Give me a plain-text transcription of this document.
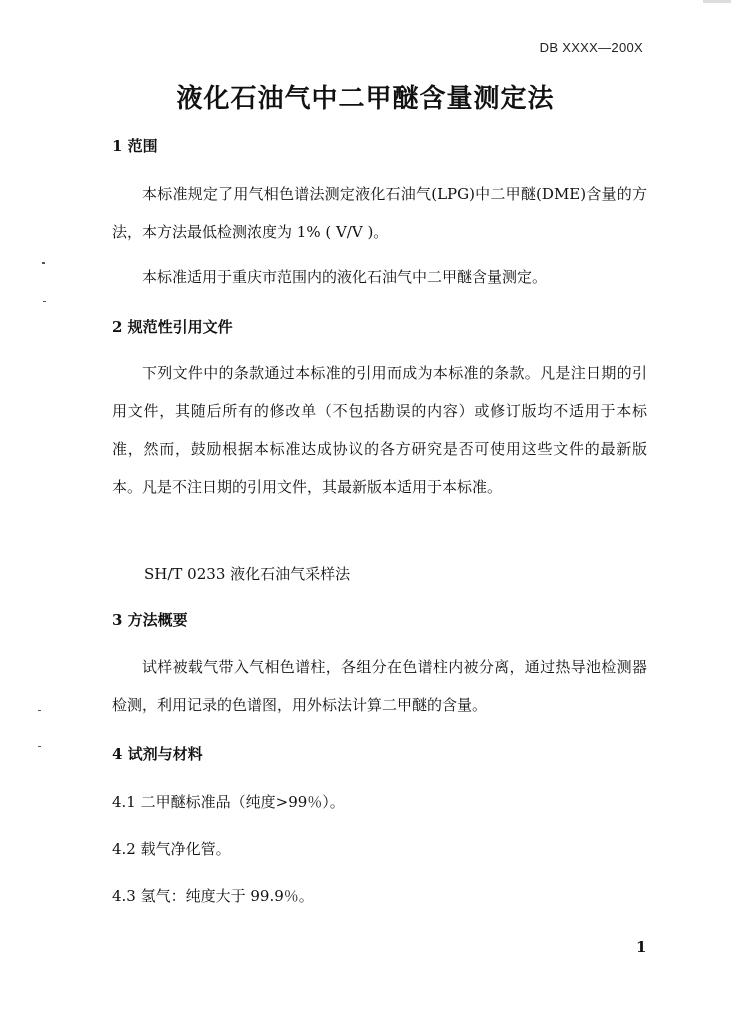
DB XXXX—200X
液化石油气中二甲醚含量测定法
1 范围
本标准规定了用气相色谱法测定液化石油气(LPG)中二甲醚(DME)含量的方法，本方法最低检测浓度为 1% ( V/V )。
本标准适用于重庆市范围内的液化石油气中二甲醚含量测定。
2 规范性引用文件
下列文件中的条款通过本标准的引用而成为本标准的条款。凡是注日期的引用文件，其随后所有的修改单（不包括勘误的内容）或修订版均不适用于本标准，然而，鼓励根据本标准达成协议的各方研究是否可使用这些文件的最新版本。凡是不注日期的引用文件，其最新版本适用于本标准。
SH/T 0233 液化石油气采样法
3 方法概要
试样被载气带入气相色谱柱，各组分在色谱柱内被分离，通过热导池检测器检测，利用记录的色谱图，用外标法计算二甲醚的含量。
4 试剂与材料
4.1 二甲醚标准品（纯度>99％）。
4.2 载气净化管。
4.3 氢气：纯度大于 99.9％。
1
